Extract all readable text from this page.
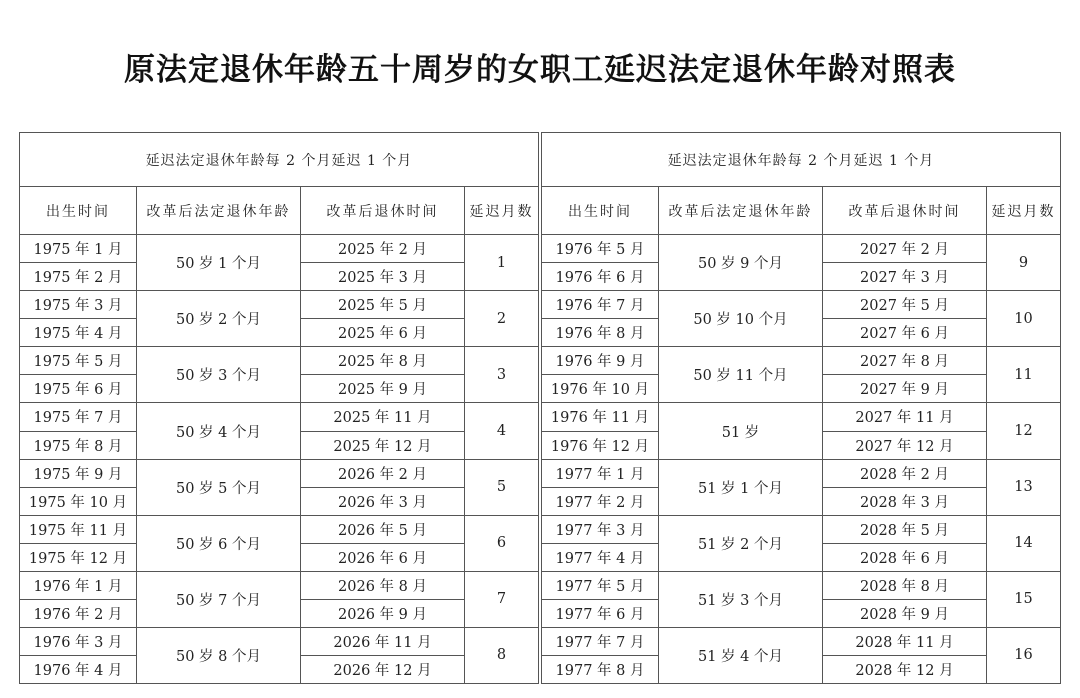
原法定退休年龄五十周岁的女职工延迟法定退休年龄对照表
延迟法定退休年龄每 2 个月延迟 1 个月			
出生时间	改革后法定退休年龄	改革后退休时间	延迟月数
1975 年 1 月	50 岁 1 个月	2025 年 2 月	1
1975 年 2 月		2025 年 3 月	
1975 年 3 月	50 岁 2 个月	2025 年 5 月	2
1975 年 4 月		2025 年 6 月	
1975 年 5 月	50 岁 3 个月	2025 年 8 月	3
1975 年 6 月		2025 年 9 月	
1975 年 7 月	50 岁 4 个月	2025 年 11 月	4
1975 年 8 月		2025 年 12 月	
1975 年 9 月	50 岁 5 个月	2026 年 2 月	5
1975 年 10 月		2026 年 3 月	
1975 年 11 月	50 岁 6 个月	2026 年 5 月	6
1975 年 12 月		2026 年 6 月	
1976 年 1 月	50 岁 7 个月	2026 年 8 月	7
1976 年 2 月		2026 年 9 月	
1976 年 3 月	50 岁 8 个月	2026 年 11 月	8
1976 年 4 月		2026 年 12 月	
延迟法定退休年龄每 2 个月延迟 1 个月			
出生时间	改革后法定退休年龄	改革后退休时间	延迟月数
1976 年 5 月	50 岁 9 个月	2027 年 2 月	9
1976 年 6 月		2027 年 3 月	
1976 年 7 月	50 岁 10 个月	2027 年 5 月	10
1976 年 8 月		2027 年 6 月	
1976 年 9 月	50 岁 11 个月	2027 年 8 月	11
1976 年 10 月		2027 年 9 月	
1976 年 11 月	51 岁	2027 年 11 月	12
1976 年 12 月		2027 年 12 月	
1977 年 1 月	51 岁 1 个月	2028 年 2 月	13
1977 年 2 月		2028 年 3 月	
1977 年 3 月	51 岁 2 个月	2028 年 5 月	14
1977 年 4 月		2028 年 6 月	
1977 年 5 月	51 岁 3 个月	2028 年 8 月	15
1977 年 6 月		2028 年 9 月	
1977 年 7 月	51 岁 4 个月	2028 年 11 月	16
1977 年 8 月		2028 年 12 月	
